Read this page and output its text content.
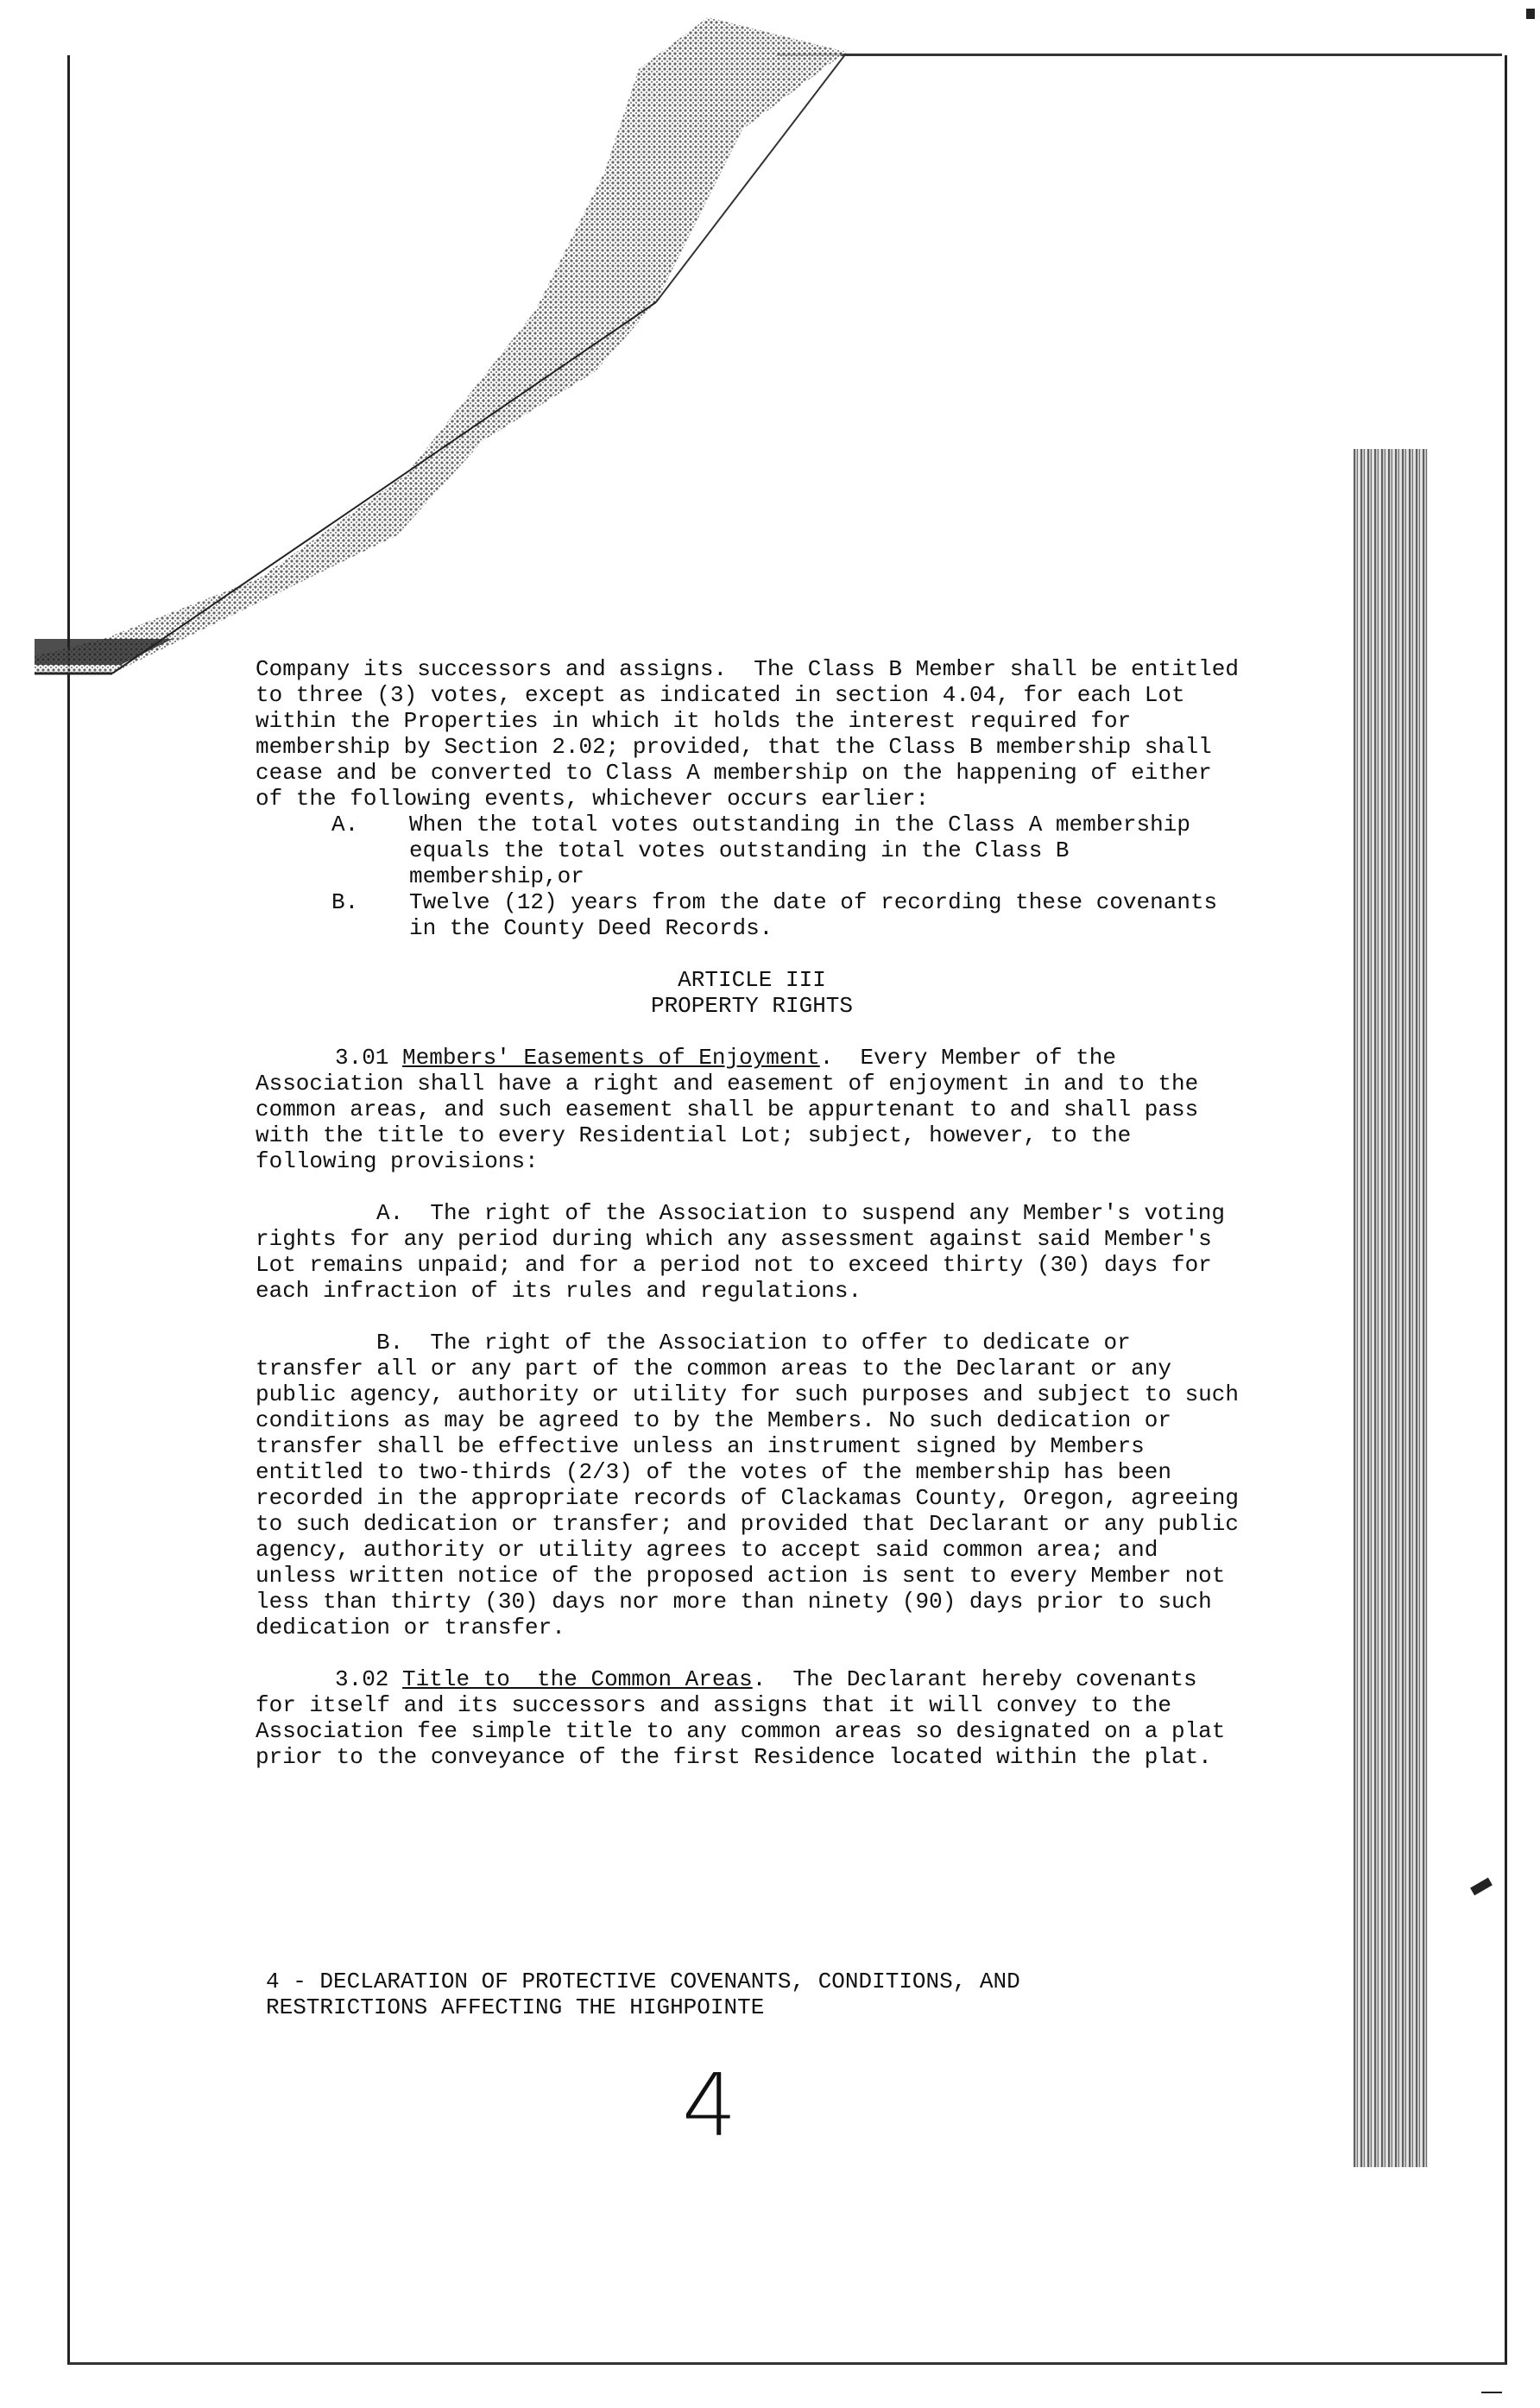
Company its successors and assigns.  The Class B Member shall be entitled to three (3) votes, except as indicated in section 4.04, for each Lot within the Properties in which it holds the interest required for membership by Section 2.02; provided, that the Class B membership shall cease and be converted to Class A membership on the happening of either of the following events, whichever occurs earlier:

A.	When the total votes outstanding in the Class A membership equals the total votes outstanding in the Class B membership,or
B.	Twelve (12) years from the date of recording these covenants in the County Deed Records.

ARTICLE III

PROPERTY RIGHTS

3.01 Members' Easements of Enjoyment.  Every Member of the Association shall have a right and easement of enjoyment in and to the common areas, and such easement shall be appurtenant to and shall pass with the title to every Residential Lot; subject, however, to the following provisions:

A.  The right of the Association to suspend any Member's voting rights for any period during which any assessment against said Member's Lot remains unpaid; and for a period not to exceed thirty (30) days for each infraction of its rules and regulations.

B.  The right of the Association to offer to dedicate or transfer all or any part of the common areas to the Declarant or any public agency, authority or utility for such purposes and subject to such conditions as may be agreed to by the Members. No such dedication or transfer shall be effective unless an instrument signed by Members entitled to two-thirds (2/3) of the votes of the membership has been recorded in the appropriate records of Clackamas County, Oregon, agreeing to such dedication or transfer; and provided that Declarant or any public agency, authority or utility agrees to accept said common area; and unless written notice of the proposed action is sent to every Member not less than thirty (30) days nor more than ninety (90) days prior to such dedication or transfer.

3.02 Title to  the Common Areas.  The Declarant hereby covenants for itself and its successors and assigns that it will convey to the Association fee simple title to any common areas so designated on a plat prior to the conveyance of the first Residence located within the plat.

4 - DECLARATION OF PROTECTIVE COVENANTS, CONDITIONS, AND

RESTRICTIONS AFFECTING THE HIGHPOINTE

4
